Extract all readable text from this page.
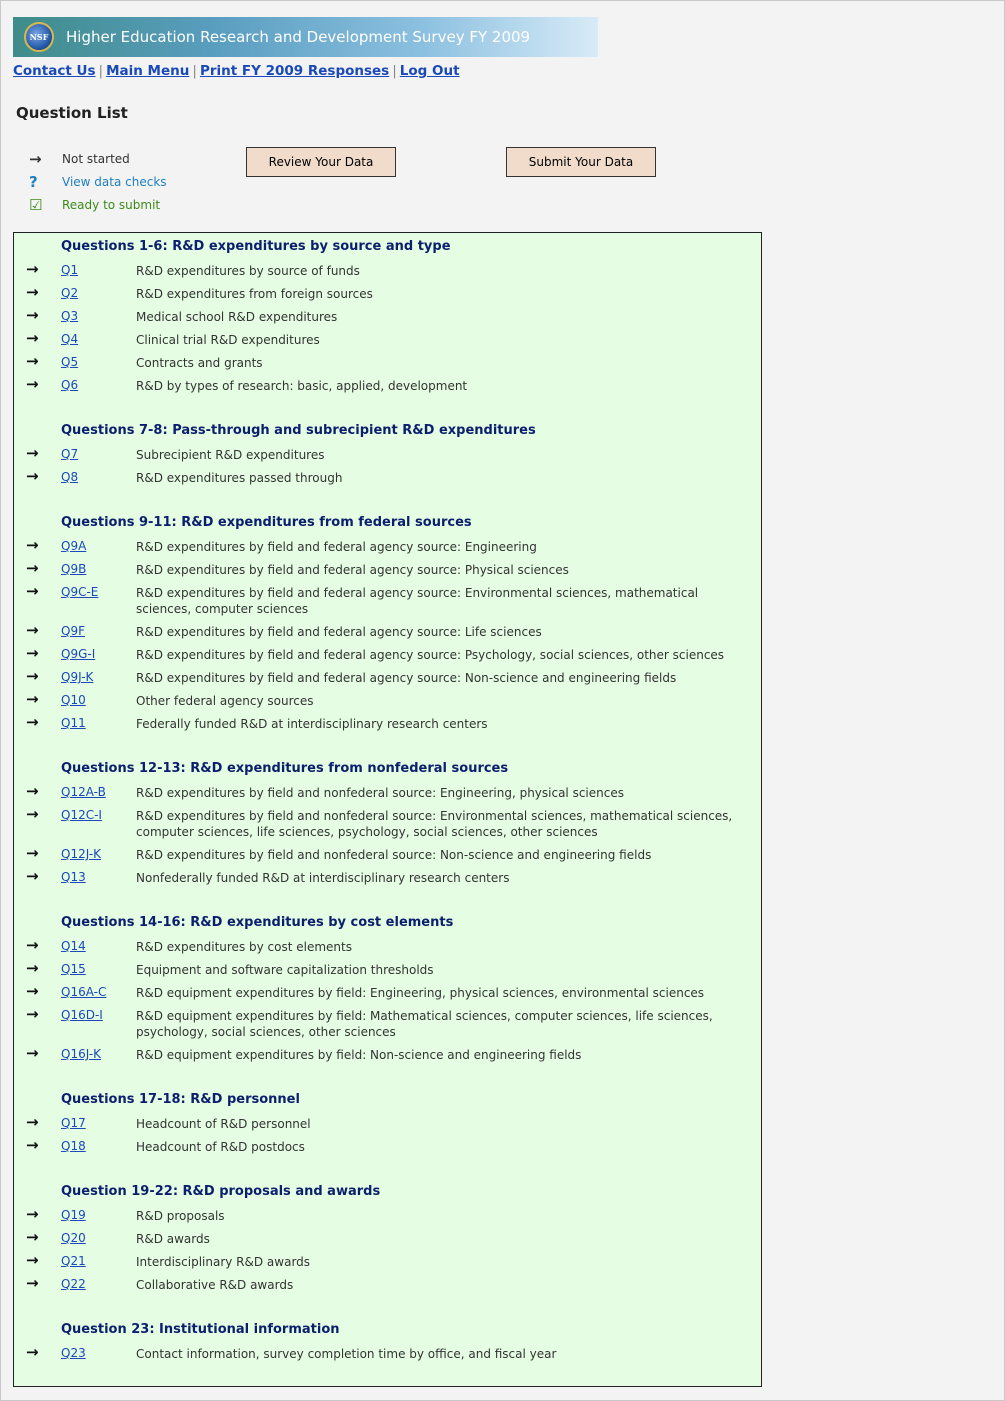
NSF	Higher Education Research and Development Survey FY 2009
Contact Us | Main Menu | Print FY 2009 Responses | Log Out
Question List
→	Not started
?	View data checks
☑	Ready to submit
Review Your Data	Submit Your Data
Questions 1-6: R&D expenditures by source and type
→ Q1	R&D expenditures by source of funds
→ Q2	R&D expenditures from foreign sources
→ Q3	Medical school R&D expenditures
→ Q4	Clinical trial R&D expenditures
→ Q5	Contracts and grants
→ Q6	R&D by types of research: basic, applied, development
Questions 7-8: Pass-through and subrecipient R&D expenditures
→ Q7	Subrecipient R&D expenditures
→ Q8	R&D expenditures passed through
Questions 9-11: R&D expenditures from federal sources
→ Q9A	R&D expenditures by field and federal agency source: Engineering
→ Q9B	R&D expenditures by field and federal agency source: Physical sciences
→ Q9C-E	R&D expenditures by field and federal agency source: Environmental sciences, mathematical sciences, computer sciences
→ Q9F	R&D expenditures by field and federal agency source: Life sciences
→ Q9G-I	R&D expenditures by field and federal agency source: Psychology, social sciences, other sciences
→ Q9J-K	R&D expenditures by field and federal agency source: Non-science and engineering fields
→ Q10	Other federal agency sources
→ Q11	Federally funded R&D at interdisciplinary research centers
Questions 12-13: R&D expenditures from nonfederal sources
→ Q12A-B	R&D expenditures by field and nonfederal source: Engineering, physical sciences
→ Q12C-I	R&D expenditures by field and nonfederal source: Environmental sciences, mathematical sciences, computer sciences, life sciences, psychology, social sciences, other sciences
→ Q12J-K	R&D expenditures by field and nonfederal source: Non-science and engineering fields
→ Q13	Nonfederally funded R&D at interdisciplinary research centers
Questions 14-16: R&D expenditures by cost elements
→ Q14	R&D expenditures by cost elements
→ Q15	Equipment and software capitalization thresholds
→ Q16A-C R&D equipment expenditures by field: Engineering, physical sciences, environmental sciences
→ Q16D-I	R&D equipment expenditures by field: Mathematical sciences, computer sciences, life sciences, psychology, social sciences, other sciences
→ Q16J-K	R&D equipment expenditures by field: Non-science and engineering fields
Questions 17-18: R&D personnel
→ Q17	Headcount of R&D personnel
→ Q18	Headcount of R&D postdocs
Question 19-22: R&D proposals and awards
→ Q19	R&D proposals
→ Q20	R&D awards
→ Q21	Interdisciplinary R&D awards
→ Q22	Collaborative R&D awards
Question 23: Institutional information
→ Q23	Contact information, survey completion time by office, and fiscal year
